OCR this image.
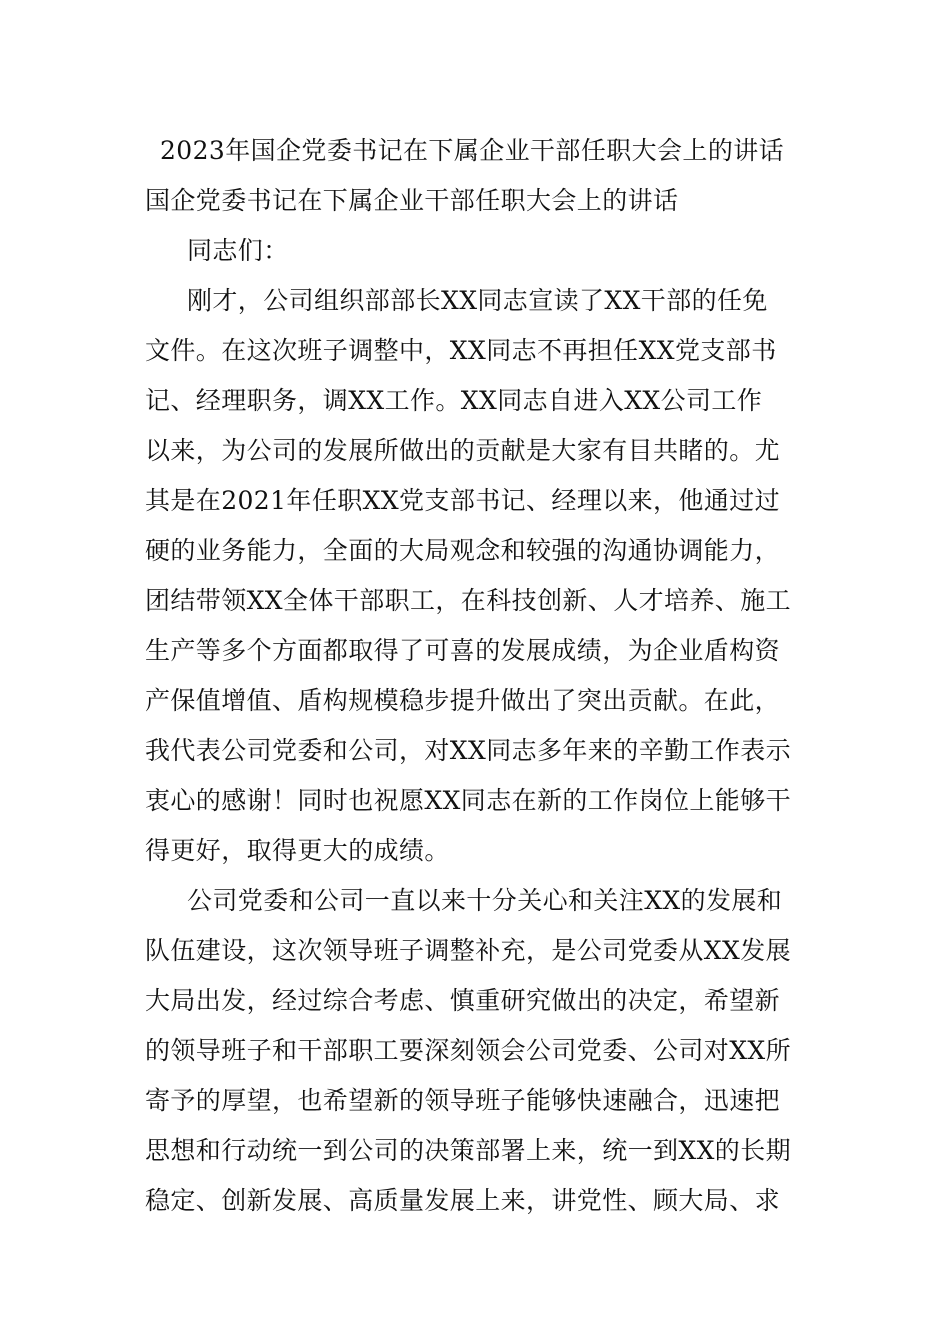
2023年国企党委书记在下属企业干部任职大会上的讲话
国企党委书记在下属企业干部任职大会上的讲话
同志们：
刚才，公司组织部部长XX同志宣读了XX干部的任免
文件。在这次班子调整中，XX同志不再担任XX党支部书
记、经理职务，调XX工作。XX同志自进入XX公司工作
以来，为公司的发展所做出的贡献是大家有目共睹的。尤
其是在2021年任职XX党支部书记、经理以来，他通过过
硬的业务能力，全面的大局观念和较强的沟通协调能力，
团结带领XX全体干部职工，在科技创新、人才培养、施工
生产等多个方面都取得了可喜的发展成绩，为企业盾构资
产保值增值、盾构规模稳步提升做出了突出贡献。在此，
我代表公司党委和公司，对XX同志多年来的辛勤工作表示
衷心的感谢！同时也祝愿XX同志在新的工作岗位上能够干
得更好，取得更大的成绩。
公司党委和公司一直以来十分关心和关注XX的发展和
队伍建设，这次领导班子调整补充，是公司党委从XX发展
大局出发，经过综合考虑、慎重研究做出的决定，希望新
的领导班子和干部职工要深刻领会公司党委、公司对XX所
寄予的厚望，也希望新的领导班子能够快速融合，迅速把
思想和行动统一到公司的决策部署上来，统一到XX的长期
稳定、创新发展、高质量发展上来，讲党性、顾大局、求
